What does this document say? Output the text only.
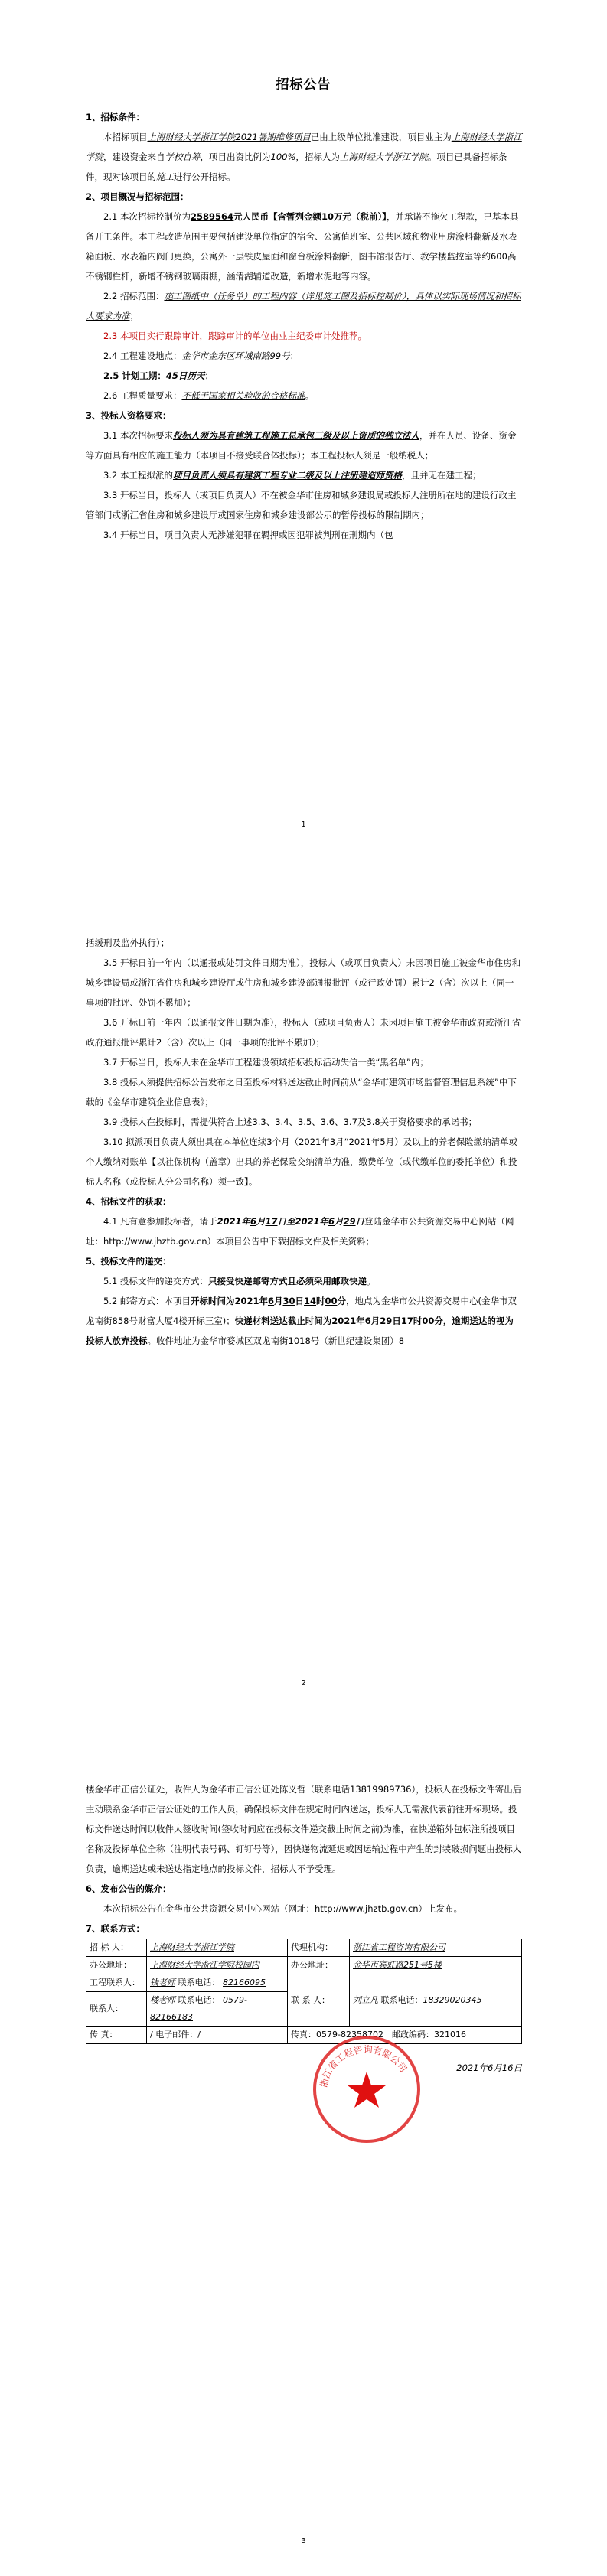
招标公告

1、招标条件：

本招标项目上海财经大学浙江学院2021暑期维修项目已由上级单位批准建设，项目业主为上海财经大学浙江学院，建设资金来自学校自筹，项目出资比例为100%，招标人为上海财经大学浙江学院。项目已具备招标条件，现对该项目的施工进行公开招标。

2、项目概况与招标范围：

2.1 本次招标控制价为2589564元人民币【含暂列金额10万元（税前）】，并承诺不拖欠工程款，已基本具备开工条件。本工程改造范围主要包括建设单位指定的宿舍、公寓值班室、公共区域和物业用房涂料翻新及水表箱面板、水表箱内阀门更换，公寓外一层铁皮屋面和窗台板涂料翻新，图书馆报告厅、教学楼监控室等约600高不锈钢栏杆，新增不锈钢玻璃雨棚，涵清湖辅道改造，新增水泥地等内容。

2.2 招标范围：施工图纸中（任务单）的工程内容（详见施工图及招标控制价），具体以实际现场情况和招标人要求为准；

2.3 本项目实行跟踪审计，跟踪审计的单位由业主纪委审计处推荐。

2.4 工程建设地点：金华市金东区环城南路99号；

2.5 计划工期：45日历天；

2.6 工程质量要求：不低于国家相关验收的合格标准。

3、投标人资格要求：

3.1 本次招标要求投标人须为具有建筑工程施工总承包三级及以上资质的独立法人，并在人员、设备、资金等方面具有相应的施工能力（本项目不接受联合体投标）；本工程投标人须是一般纳税人；

3.2 本工程拟派的项目负责人须具有建筑工程专业二级及以上注册建造师资格，且并无在建工程；

3.3 开标当日，投标人（或项目负责人）不在被金华市住房和城乡建设局或投标人注册所在地的建设行政主管部门或浙江省住房和城乡建设厅或国家住房和城乡建设部公示的暂停投标的限制期内；

3.4 开标当日，项目负责人无涉嫌犯罪在羁押或因犯罪被判刑在刑期内（包

1

括缓刑及监外执行）；

3.5 开标日前一年内（以通报或处罚文件日期为准），投标人（或项目负责人）未因项目施工被金华市住房和城乡建设局或浙江省住房和城乡建设厅或住房和城乡建设部通报批评（或行政处罚）累计2（含）次以上（同一事项的批评、处罚不累加）；

3.6 开标日前一年内（以通报文件日期为准），投标人（或项目负责人）未因项目施工被金华市政府或浙江省政府通报批评累计2（含）次以上（同一事项的批评不累加）；

3.7 开标当日，投标人未在金华市工程建设领域招标投标活动失信一类“黑名单”内；

3.8 投标人须提供招标公告发布之日至投标材料送达截止时间前从“金华市建筑市场监督管理信息系统”中下载的《金华市建筑企业信息表》；

3.9 投标人在投标时，需提供符合上述3.3、3.4、3.5、3.6、3.7及3.8关于资格要求的承诺书；

3.10 拟派项目负责人须出具在本单位连续3个月（2021年3月“2021年5月）及以上的养老保险缴纳清单或个人缴纳对账单【以社保机构（盖章）出具的养老保险交纳清单为准，缴费单位（或代缴单位的委托单位）和投标人名称（或投标人分公司名称）须一致】。

4、招标文件的获取：

4.1 凡有意参加投标者，请于2021年6月17日至2021年6月29日登陆金华市公共资源交易中心网站（网址：http://www.jhztb.gov.cn）本项目公告中下载招标文件及相关资料；

5、投标文件的递交：

5.1 投标文件的递交方式：只接受快递邮寄方式且必须采用邮政快递。

5.2 邮寄方式：本项目开标时间为2021年6月30日14时00分，地点为金华市公共资源交易中心(金华市双龙南街858号财富大厦4楼开标三室)；快递材料送达截止时间为2021年6月29日17时00分，逾期送达的视为投标人放弃投标。收件地址为金华市婺城区双龙南街1018号（新世纪建设集团）8

2

楼金华市正信公证处，收件人为金华市正信公证处陈义哲（联系电话13819989736），投标人在投标文件寄出后主动联系金华市正信公证处的工作人员，确保投标文件在规定时间内送达，投标人无需派代表前往开标现场。投标文件送达时间以收件人签收时间(签收时间应在投标文件递交截止时间之前)为准，在快递箱外包标注所投项目名称及投标单位全称（注明代表号码、钉钉号等），因快递物流延迟或因运输过程中产生的封装破损问题由投标人负责，逾期送达或未送达指定地点的投标文件，招标人不予受理。

6、发布公告的媒介：

本次招标公告在金华市公共资源交易中心网站（网址：http://www.jhztb.gov.cn）上发布。

7、联系方式：

招 标 人：	上海财经大学浙江学院	代理机构：	浙江省工程咨询有限公司
办公地址：	上海财经大学浙江学院校园内	办公地址：	金华市宾虹路251号5楼
工程联系人：	钱老师 联系电话： 82166095	联 系 人：	刘立凡 联系电话：18329020345
联系人：	楼老师 联系电话： 0579-82166183		
传 真：	/ 电子邮件：/	传真：0579-82358702　 邮政编码：321016	

2021年6月16日

浙江省工程咨询有限公司
3
